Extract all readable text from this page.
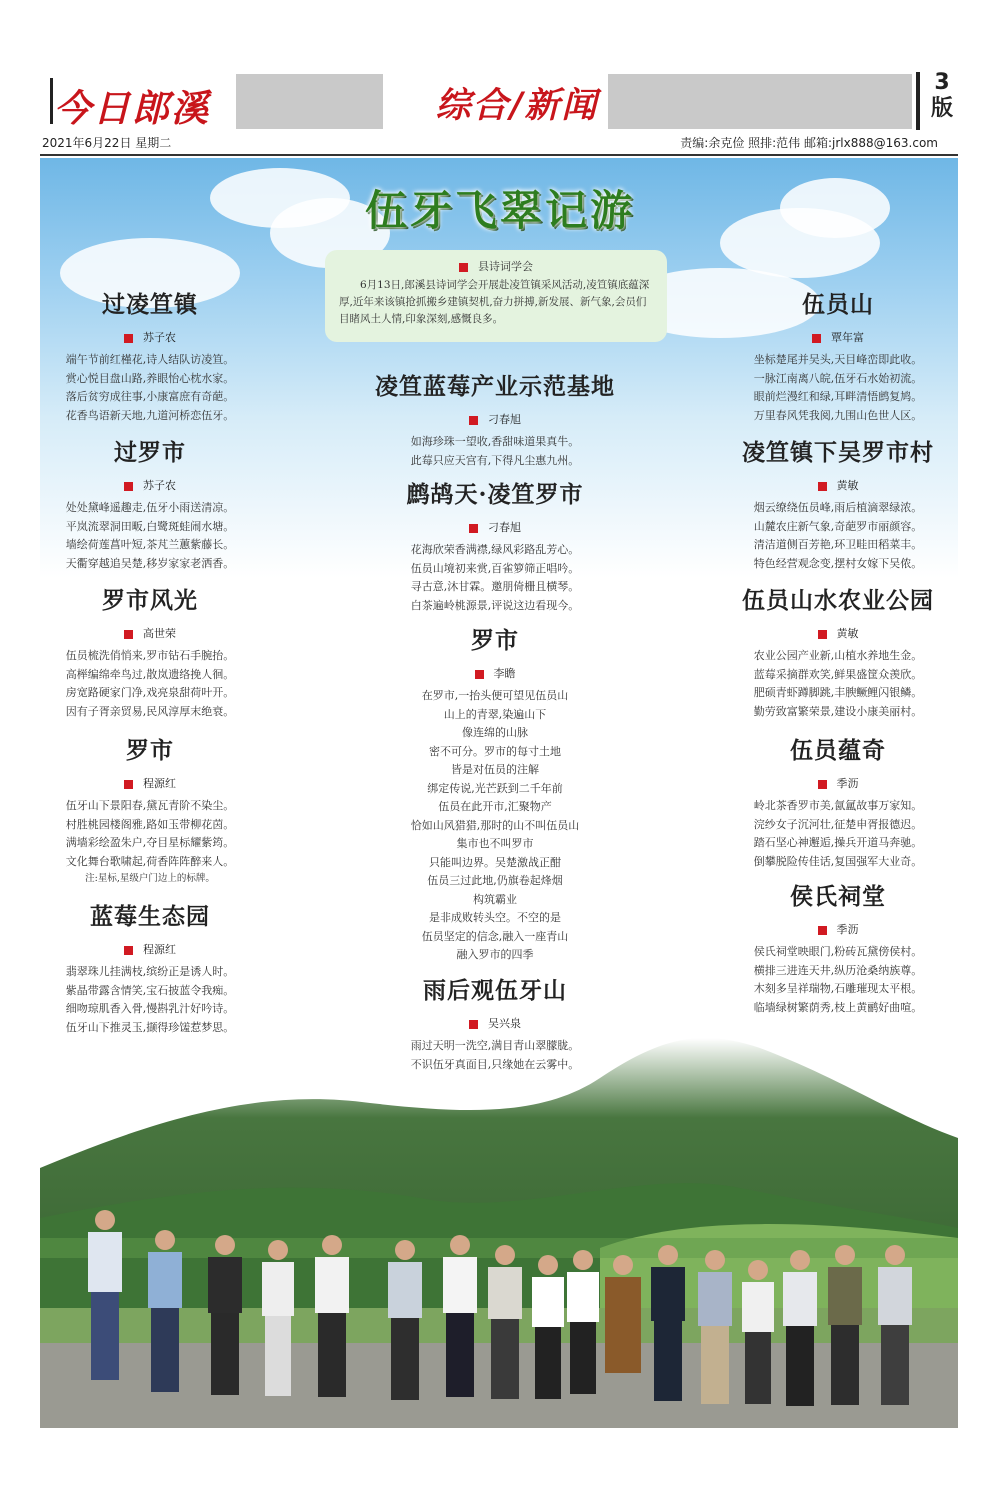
今日郎溪	综合/新闻
3
版
2021年6月22日 星期二	责编:余克俭 照排:范伟 邮箱:jrlx888@163.com
伍牙飞翠记游
县诗词学会
6月13日,郎溪县诗词学会开展赴凌笪镇采风活动,凌笪镇底蕴深厚,近年来该镇抢抓搬乡建镇契机,奋力拼搏,新发展、新气象,会员们目睹风土人情,印象深刻,感慨良多。
过凌笪镇
苏子农
端午节前红槿花,诗人结队访凌笪。
赏心悦目盘山路,养眼怡心枕水家。
落后贫穷成往事,小康富庶有奇葩。
花香鸟语新天地,九道河桥恋伍牙。
过罗市
苏子农
处处黛峰遥趣走,伍牙小雨送清凉。
平岚流翠洞田畈,白鹭斑蛙闹水塘。
墙绘荷莲菖叶短,茶芃兰蕙紫藤长。
天衢穿越追吴楚,移岁家家老洒香。
罗市风光
高世荣
伍员梳洗俏悄来,罗市钻石手腕抬。
高榉编绵牵鸟过,散岚遗络挽人徊。
房宽路硬家门净,戏亮泉甜荷叶开。
因有子胥亲贸易,民风淳厚末绝衰。
罗市
程源红
伍牙山下景阳春,黛瓦青阶不染尘。
村胜桃园楼阁雅,路如玉带柳花茵。
满墙彩绘盈朱户,夺目星标耀紫筠。
文化舞台歌啸起,荷香阵阵醉来人。
注:星标,星级户门边上的标牌。
蓝莓生态园
程源红
翡翠珠儿挂满枝,缤纷正是诱人时。
紫晶带露含情笑,宝石披蓝令我痴。
细吻琼肌香入骨,慢斟乳汁好吟诗。
伍牙山下推灵玉,撷得珍馐惹梦思。
凌笪蓝莓产业示范基地
刁春旭
如海珍珠一望收,香甜味道果真牛。
此莓只应天宫有,下得凡尘惠九州。
鹧鸪天·凌笪罗市
刁春旭
花海欣荣香满襟,绿风彩路乱芳心。
伍员山境初来赏,百雀箩筛正唱吟。
寻古意,沐甘霖。邀朋倚栅且横琴。
白茶遍岭桃源景,评说这边看现今。
罗市
李瞻
在罗市,一抬头便可望见伍员山
山上的青翠,染遍山下
像连绵的山脉
密不可分。罗市的每寸土地
皆是对伍员的注解
绑定传说,光芒跃到二千年前
伍员在此开市,汇聚物产
恰如山风猎猎,那时的山不叫伍员山
集市也不叫罗市
只能叫边界。吴楚激战正酣
伍员三过此地,仍旗卷起烽烟
构筑霸业
是非成败转头空。不空的是
伍员坚定的信念,融入一座青山
融入罗市的四季
雨后观伍牙山
吴兴泉
雨过天明一洗空,满目青山翠朦胧。
不识伍牙真面目,只缘她在云雾中。
伍员山
覃年富
坐标楚尾并吴头,天目峰峦即此收。
一脉江南离八皖,伍牙石水始初流。
眼前烂漫红和绿,耳畔清悟鹧复鸠。
万里春风凭我阅,九围山色世人区。
凌笪镇下吴罗市村
黄敏
烟云缭绕伍员峰,雨后植滴翠绿浓。
山麓农庄新气象,奇葩罗市丽颜容。
清洁道侧百芳艳,环卫畦田稻菜丰。
特色经营观念变,摆村女嫁下吴侬。
伍员山水农业公园
黄敏
农业公园产业新,山植水养地生金。
蓝莓采摘群欢笑,鲜果盛筐众羡欣。
肥硕青虾蹲脚跳,丰腴鳜鲤闪银鳞。
勤劳致富繁荣景,建设小康美丽村。
伍员蕴奇
季沥
岭北茶香罗市美,氤氲故事万家知。
浣纱女子沉河壮,征楚申胥报德迟。
踏石坚心神邂逅,操兵开道马奔驰。
倒攀脱险传佳话,复国强军大业奇。
侯氏祠堂
季沥
侯氏祠堂映眼门,粉砖瓦黛傍侯村。
横排三进连天井,纵历沧桑纳族尊。
木刻多呈祥瑞物,石雕璀现太平根。
临墙绿树繁荫秀,枝上黄鹂好曲喧。
